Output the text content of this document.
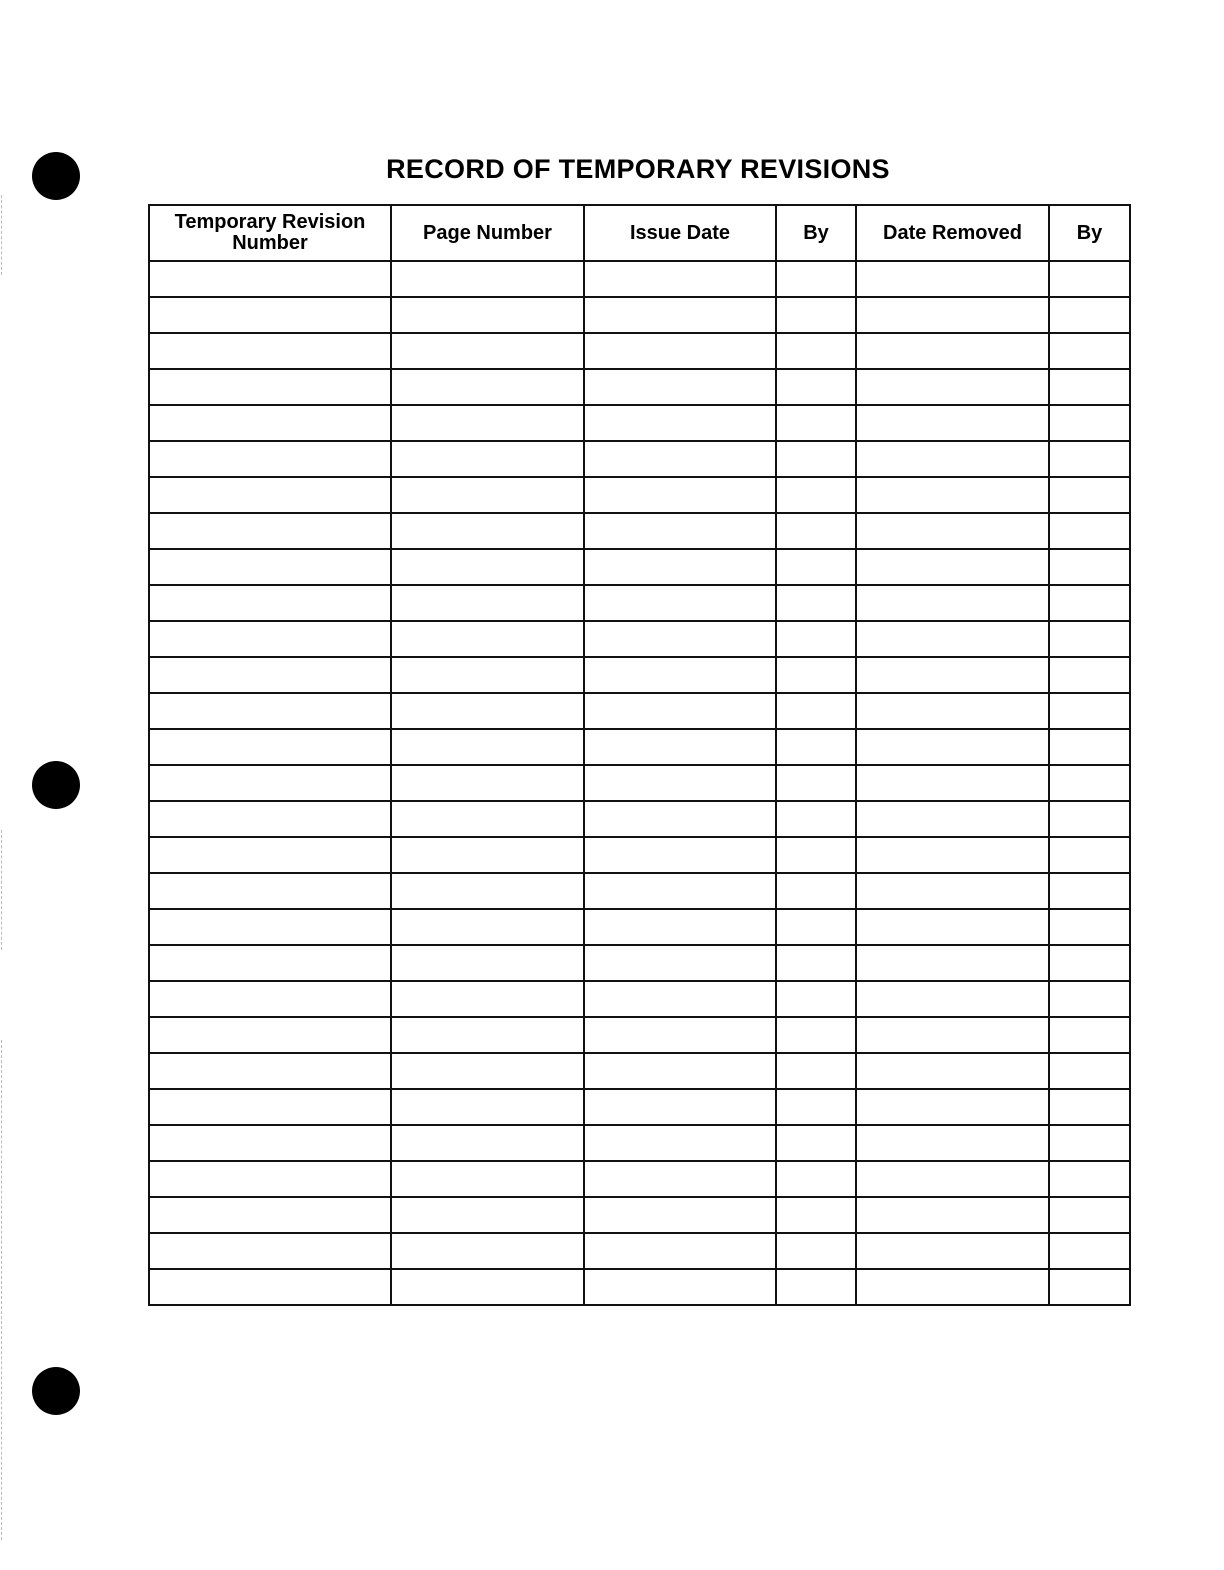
RECORD OF TEMPORARY REVISIONS
Temporary Revision Number	Page Number	Issue Date	By	Date Removed	By
